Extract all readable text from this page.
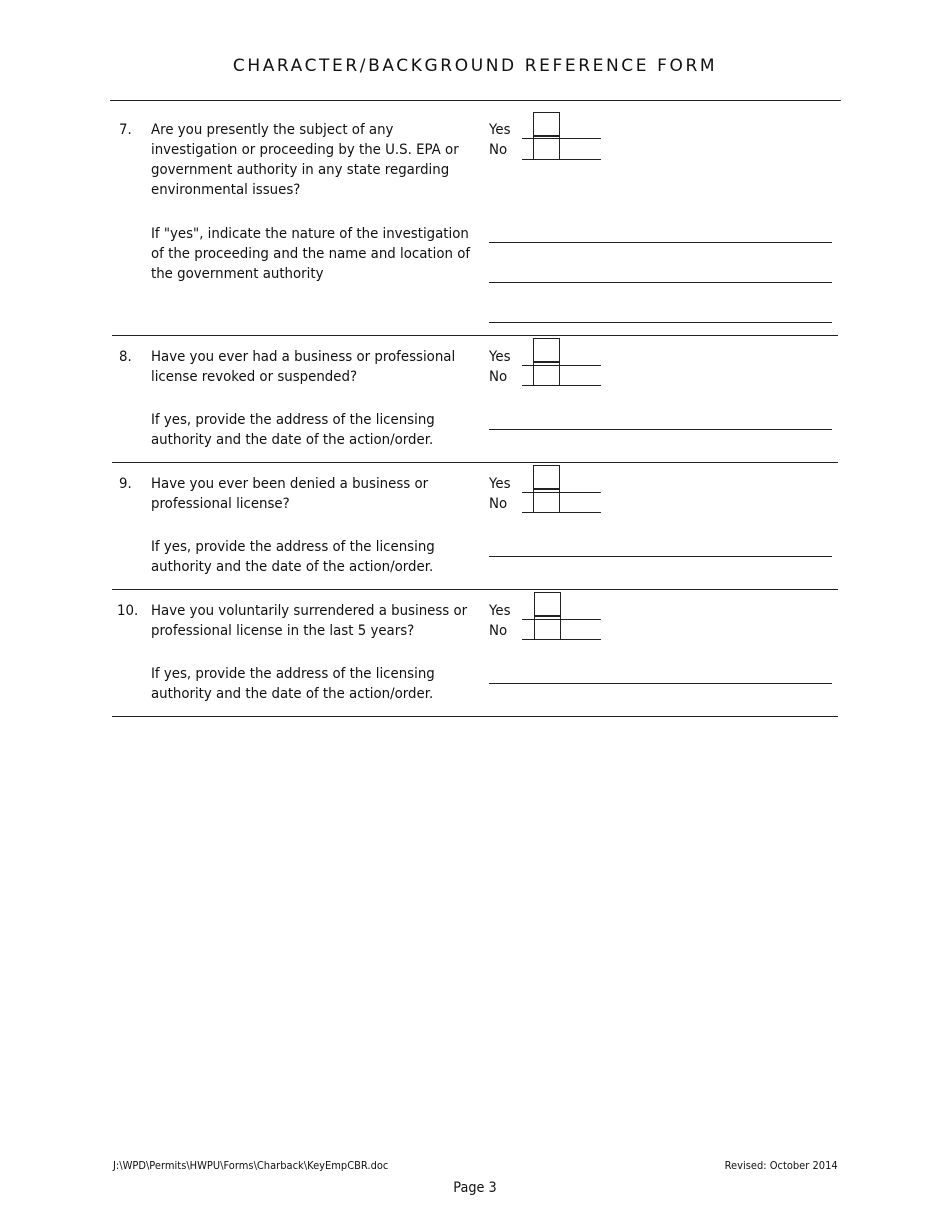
CHARACTER/BACKGROUND REFERENCE FORM
7. Are you presently the subject of any
investigation or proceeding by the U.S. EPA or
government authority in any state regarding
environmental issues?
Yes
No
If "yes", indicate the nature of the investigation
of the proceeding and the name and location of
the government authority
8. Have you ever had a business or professional
license revoked or suspended?
Yes
No
If yes, provide the address of the licensing
authority and the date of the action/order.
9. Have you ever been denied a business or
professional license?
Yes
No
If yes, provide the address of the licensing
authority and the date of the action/order.
10. Have you voluntarily surrendered a business or
professional license in the last 5 years?
Yes
No
If yes, provide the address of the licensing
authority and the date of the action/order.
J:\WPD\Permits\HWPU\Forms\Charback\KeyEmpCBR.doc	Revised: October 2014
Page 3
